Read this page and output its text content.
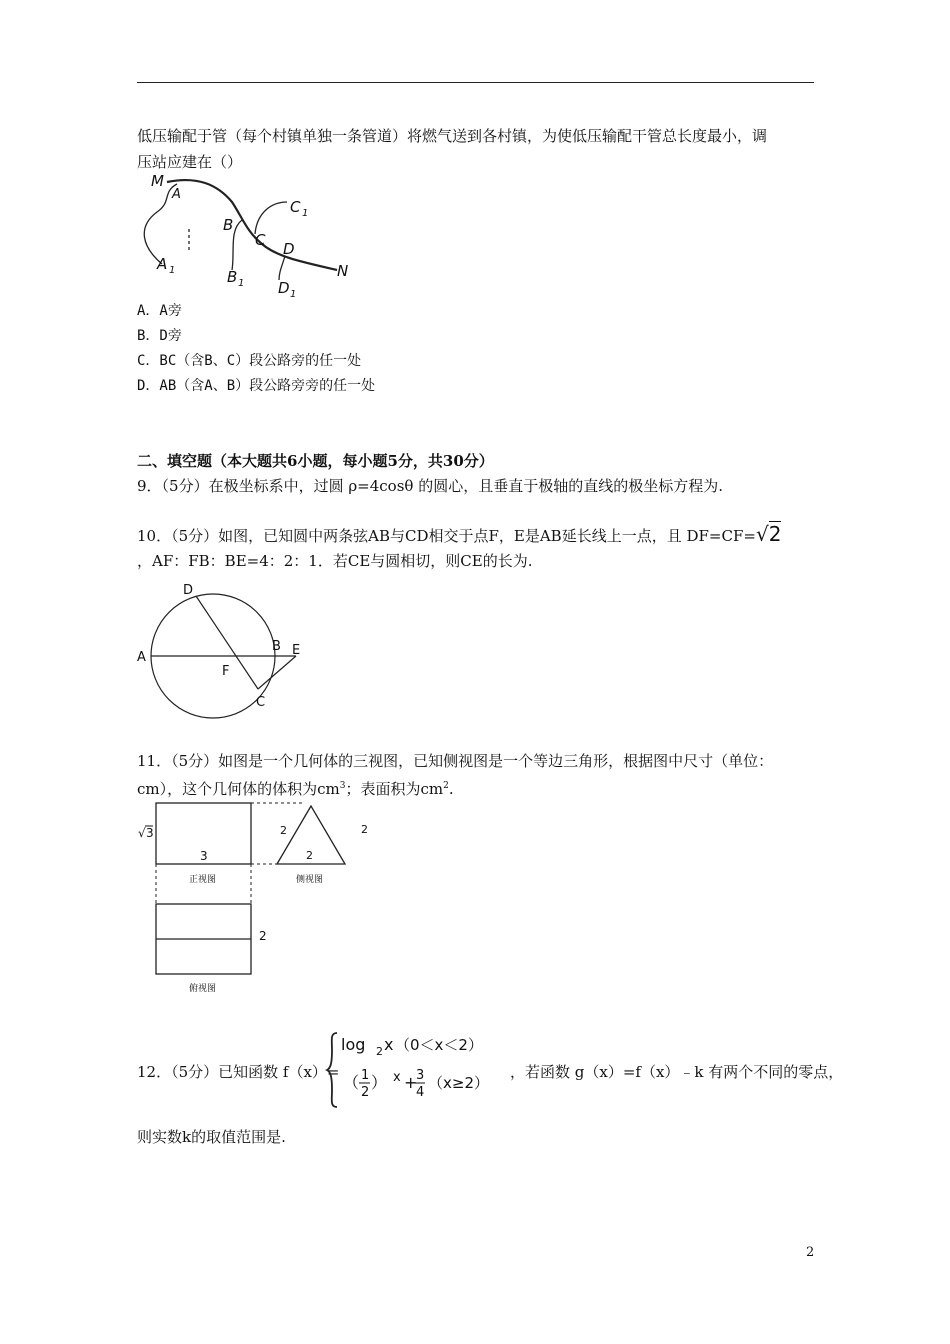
低压输配于管（每个村镇单独一条管道）将燃气送到各村镇，为使低压输配干管总长度最小，调
压站应建在（）
M
A
A 1
B
B 1
C
C 1
D
D 1
N
A．A旁
B．D旁
C．BC（含B、C）段公路旁的任一处
D．AB（含A、B）段公路旁旁的任一处
二、填空题（本大题共6小题，每小题5分，共30分）
9．（5分）在极坐标系中，过圆 ρ=4cosθ 的圆心，且垂直于极轴的直线的极坐标方程为.
10．（5分）如图，已知圆中两条弦AB与CD相交于点F，E是AB延长线上一点，且 DF=CF=√2
，AF：FB：BE=4：2：1．若CE与圆相切，则CE的长为.
A
B E
D
F
C
11．（5分）如图是一个几何体的三视图，已知侧视图是一个等边三角形，根据图中尺寸（单位：
cm），这个几何体的体积为$cm^3$；表面积为$cm^2$.
√ 3
3
正视图
2	2
2
侧视图
2
俯视图
12．（5分）已知函数 f（x）=
log 2 x （0＜x＜2）
（ 1
2
） x +
3
4
（x≥2）
，若函数 g（x）=f（x）﹣k 有两个不同的零点，
则实数k的取值范围是.
2
